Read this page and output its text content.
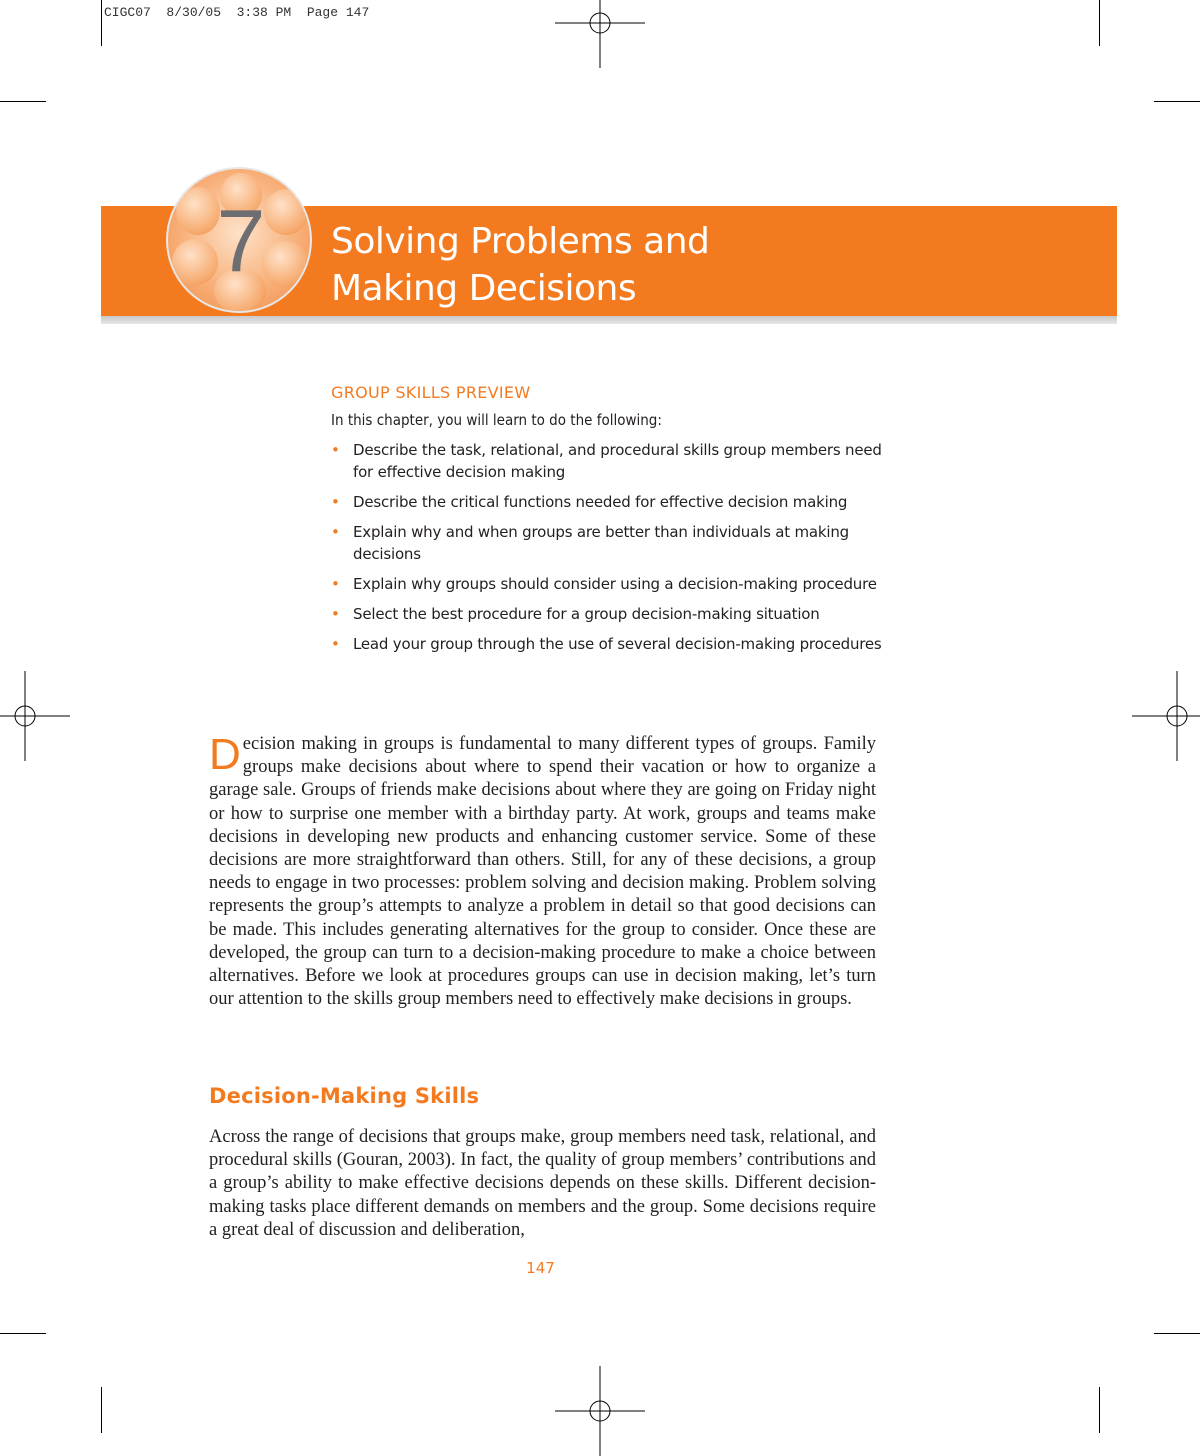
CIGC07  8/30/05  3:38 PM  Page 147
7	Solving Problems and
Making Decisions
GROUP SKILLS PREVIEW

In this chapter, you will learn to do the following:

• Describe the task, relational, and procedural skills group members need for effective decision making
• Describe the critical functions needed for effective decision making
• Explain why and when groups are better than individuals at making decisions
• Explain why groups should consider using a decision-making procedure
• Select the best procedure for a group decision-making situation
• Lead your group through the use of several decision-making procedures

Decision making in groups is fundamental to many different types of groups. Family groups make decisions about where to spend their vacation or how to organize a garage sale. Groups of friends make decisions about where they are going on Friday night or how to surprise one member with a birthday party. At work, groups and teams make decisions in developing new products and enhancing customer service. Some of these decisions are more straightforward than others. Still, for any of these decisions, a group needs to engage in two processes: problem solving and decision making. Problem solving represents the group’s attempts to analyze a problem in detail so that good decisions can be made. This includes generating alternatives for the group to consider. Once these are developed, the group can turn to a decision-making procedure to make a choice between alternatives. Before we look at procedures groups can use in decision making, let’s turn our attention to the skills group members need to effectively make decisions in groups.

Decision-Making Skills

Across the range of decisions that groups make, group members need task, relational, and procedural skills (Gouran, 2003). In fact, the quality of group members’ contributions and a group’s ability to make effective decisions depends on these skills. Different decision-making tasks place different demands on members and the group. Some decisions require a great deal of discussion and deliberation,

147
